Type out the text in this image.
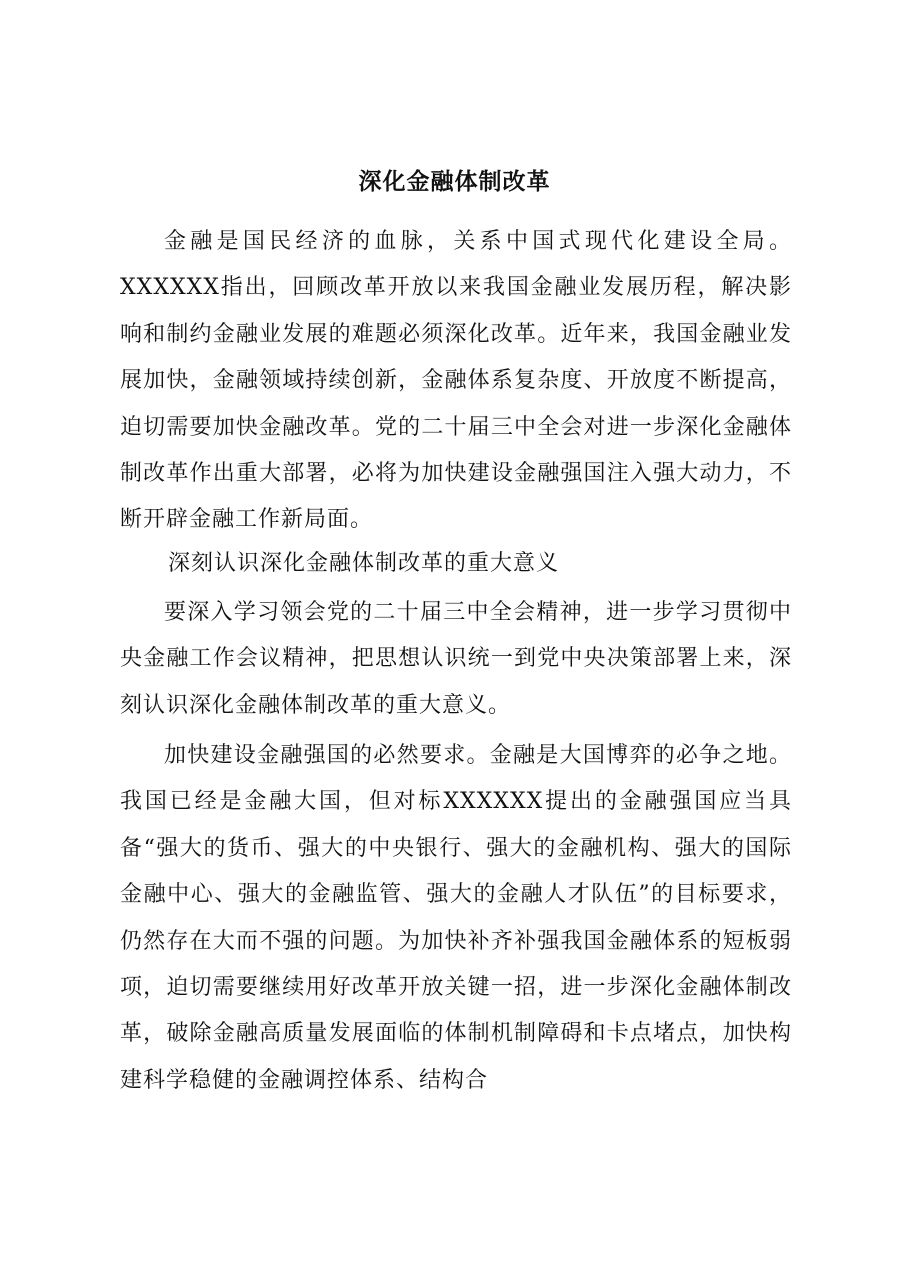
深化金融体制改革

金融是国民经济的血脉，关系中国式现代化建设全局。XXXXXX指出，回顾改革开放以来我国金融业发展历程，解决影响和制约金融业发展的难题必须深化改革。近年来，我国金融业发展加快，金融领域持续创新，金融体系复杂度、开放度不断提高，迫切需要加快金融改革。党的二十届三中全会对进一步深化金融体制改革作出重大部署，必将为加快建设金融强国注入强大动力，不断开辟金融工作新局面。

深刻认识深化金融体制改革的重大意义

要深入学习领会党的二十届三中全会精神，进一步学习贯彻中央金融工作会议精神，把思想认识统一到党中央决策部署上来，深刻认识深化金融体制改革的重大意义。

加快建设金融强国的必然要求。金融是大国博弈的必争之地。我国已经是金融大国，但对标XXXXXX提出的金融强国应当具备“强大的货币、强大的中央银行、强大的金融机构、强大的国际金融中心、强大的金融监管、强大的金融人才队伍”的目标要求，仍然存在大而不强的问题。为加快补齐补强我国金融体系的短板弱项，迫切需要继续用好改革开放关键一招，进一步深化金融体制改革，破除金融高质量发展面临的体制机制障碍和卡点堵点，加快构建科学稳健的金融调控体系、结构合
